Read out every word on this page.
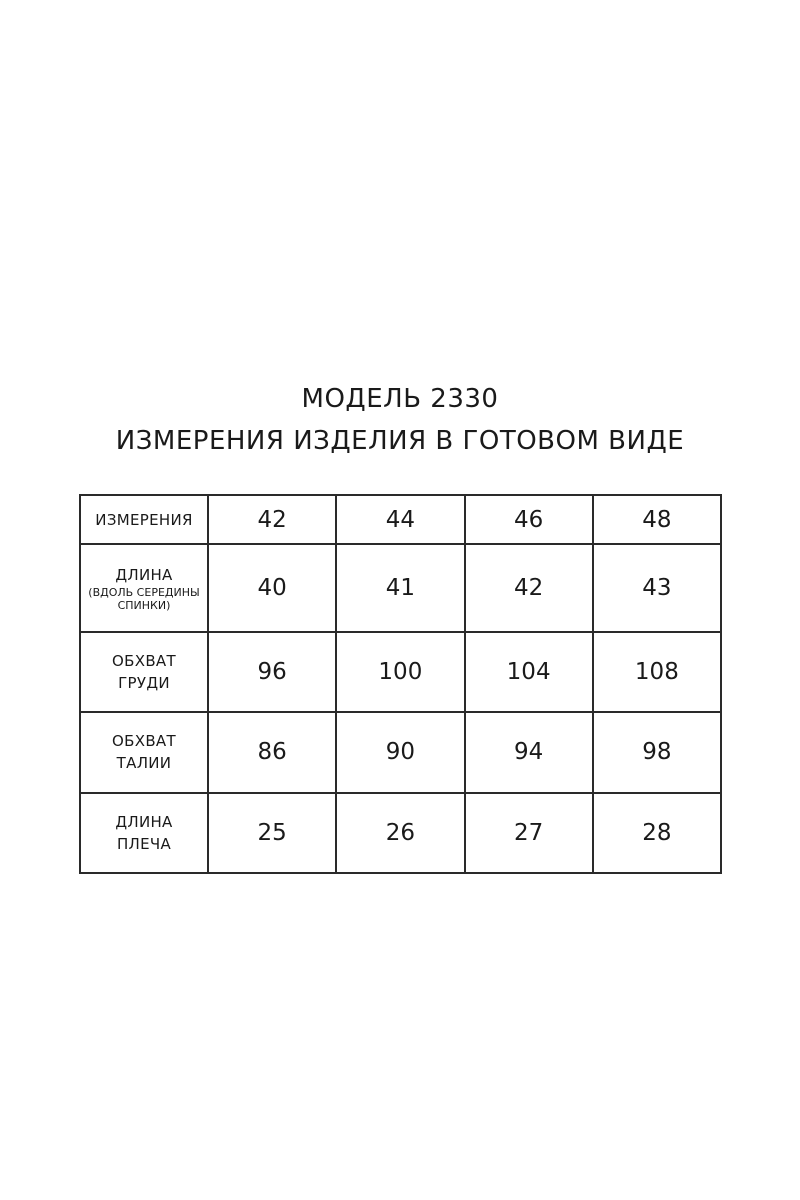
МОДЕЛЬ 2330

ИЗМЕРЕНИЯ ИЗДЕЛИЯ В ГОТОВОМ ВИДЕ

ИЗМЕРЕНИЯ	42	44	46	48

ДЛИНА
(ВДОЛЬ СЕРЕДИНЫ
СПИНКИ)	40	41	42	43

ОБХВАТ
ГРУДИ	96	100	104	108

ОБХВАТ
ТАЛИИ	86	90	94	98

ДЛИНА
ПЛЕЧА	25	26	27	28
